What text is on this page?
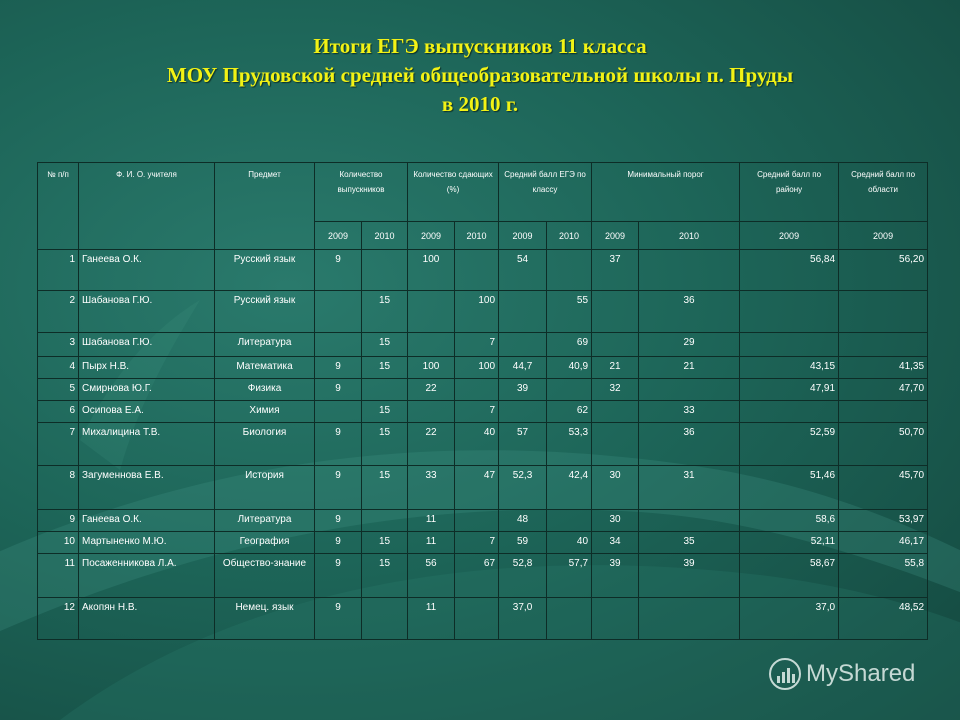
Итоги ЕГЭ выпускников 11 класса
МОУ Прудовской средней общеобразовательной школы п. Пруды
в 2010 г.
№ п/п	Ф. И. О. учителя	Предмет	Количество выпускников		Количество сдающих (%)		Средний балл ЕГЭ по классу		Минимальный порог		Средний балл по району	Средний балл по области
			2009	2010	2009	2010	2009	2010	2009	2010	2009	2009
1	Ганеева О.К.	Русский язык	9		100		54		37		56,84	56,20
2	Шабанова Г.Ю.	Русский язык		15		100		55		36		
3	Шабанова Г.Ю.	Литература		15		7		69		29		
4	Пырх Н.В.	Математика	9	15	100	100	44,7	40,9	21	21	43,15	41,35
5	Смирнова Ю.Г.	Физика	9		22		39		32		47,91	47,70
6	Осипова Е.А.	Химия		15		7		62		33		
7	Михалицина Т.В.	Биология	9	15	22	40	57	53,3		36	52,59	50,70
8	Загуменнова Е.В.	История	9	15	33	47	52,3	42,4	30	31	51,46	45,70
9	Ганеева О.К.	Литература	9		11		48		30		58,6	53,97
10	Мартыненко М.Ю.	География	9	15	11	7	59	40	34	35	52,11	46,17
11	Посаженникова Л.А.	Общество-знание	9	15	56	67	52,8	57,7	39	39	58,67	55,8
12	Акопян Н.В.	Немец. язык	9		11		37,0				37,0	48,52
MyShared
